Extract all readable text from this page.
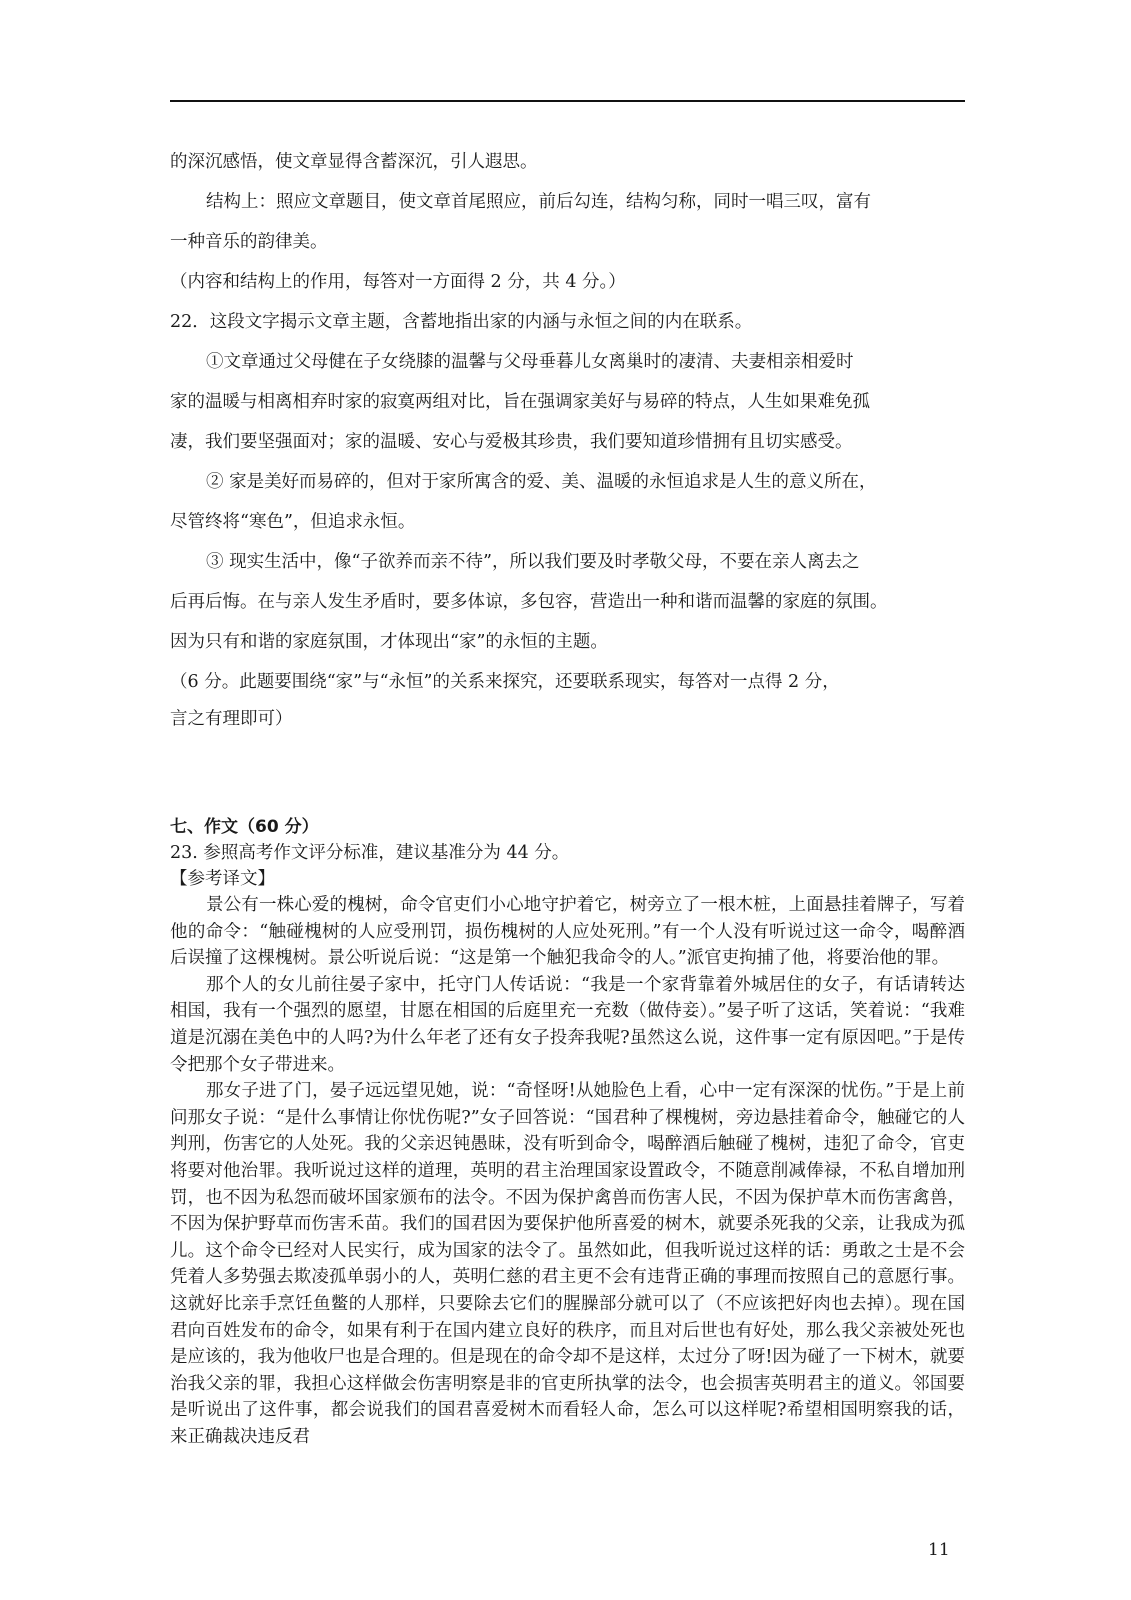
的深沉感悟，使文章显得含蓄深沉，引人遐思。

结构上：照应文章题目，使文章首尾照应，前后勾连，结构匀称，同时一唱三叹，富有

一种音乐的韵律美。

（内容和结构上的作用，每答对一方面得 2 分，共 4 分。）

22．这段文字揭示文章主题，含蓄地指出家的内涵与永恒之间的内在联系。

①文章通过父母健在子女绕膝的温馨与父母垂暮儿女离巢时的凄清、夫妻相亲相爱时

家的温暖与相离相弃时家的寂寞两组对比，旨在强调家美好与易碎的特点，人生如果难免孤

凄，我们要坚强面对；家的温暖、安心与爱极其珍贵，我们要知道珍惜拥有且切实感受。

② 家是美好而易碎的，但对于家所寓含的爱、美、温暖的永恒追求是人生的意义所在，

尽管终将“寒色”，但追求永恒。

③ 现实生活中，像“子欲养而亲不待”，所以我们要及时孝敬父母，不要在亲人离去之

后再后悔。在与亲人发生矛盾时，要多体谅，多包容，营造出一种和谐而温馨的家庭的氛围。

因为只有和谐的家庭氛围，才体现出“家”的永恒的主题。

（6 分。此题要围绕“家”与“永恒”的关系来探究，还要联系现实，每答对一点得 2 分，

言之有理即可）

七、作文（60 分）
23. 参照高考作文评分标准，建议基准分为 44 分。
【参考译文】

景公有一株心爱的槐树，命令官吏们小心地守护着它，树旁立了一根木桩，上面悬挂着牌子，写着他的命令：“触碰槐树的人应受刑罚，损伤槐树的人应处死刑。”有一个人没有听说过这一命令，喝醉酒后误撞了这棵槐树。景公听说后说：“这是第一个触犯我命令的人。”派官吏拘捕了他，将要治他的罪。

那个人的女儿前往晏子家中，托守门人传话说：“我是一个家背靠着外城居住的女子，有话请转达相国，我有一个强烈的愿望，甘愿在相国的后庭里充一充数（做侍妾）。”晏子听了这话，笑着说：“我难道是沉溺在美色中的人吗?为什么年老了还有女子投奔我呢?虽然这么说，这件事一定有原因吧。”于是传令把那个女子带进来。

那女子进了门，晏子远远望见她，说：“奇怪呀!从她脸色上看，心中一定有深深的忧伤。”于是上前问那女子说：“是什么事情让你忧伤呢?”女子回答说：“国君种了棵槐树，旁边悬挂着命令，触碰它的人判刑，伤害它的人处死。我的父亲迟钝愚昧，没有听到命令，喝醉酒后触碰了槐树，违犯了命令，官吏将要对他治罪。我听说过这样的道理，英明的君主治理国家设置政令，不随意削减俸禄，不私自增加刑罚，也不因为私怨而破坏国家颁布的法令。不因为保护禽兽而伤害人民，不因为保护草木而伤害禽兽，不因为保护野草而伤害禾苗。我们的国君因为要保护他所喜爱的树木，就要杀死我的父亲，让我成为孤儿。这个命令已经对人民实行，成为国家的法令了。虽然如此，但我听说过这样的话：勇敢之士是不会凭着人多势强去欺凌孤单弱小的人，英明仁慈的君主更不会有违背正确的事理而按照自己的意愿行事。这就好比亲手烹饪鱼鳖的人那样，只要除去它们的腥臊部分就可以了（不应该把好肉也去掉）。现在国君向百姓发布的命令，如果有利于在国内建立良好的秩序，而且对后世也有好处，那么我父亲被处死也是应该的，我为他收尸也是合理的。但是现在的命令却不是这样，太过分了呀!因为碰了一下树木，就要治我父亲的罪，我担心这样做会伤害明察是非的官吏所执掌的法令，也会损害英明君主的道义。邻国要是听说出了这件事，都会说我们的国君喜爱树木而看轻人命，怎么可以这样呢?希望相国明察我的话，来正确裁决违反君

11
